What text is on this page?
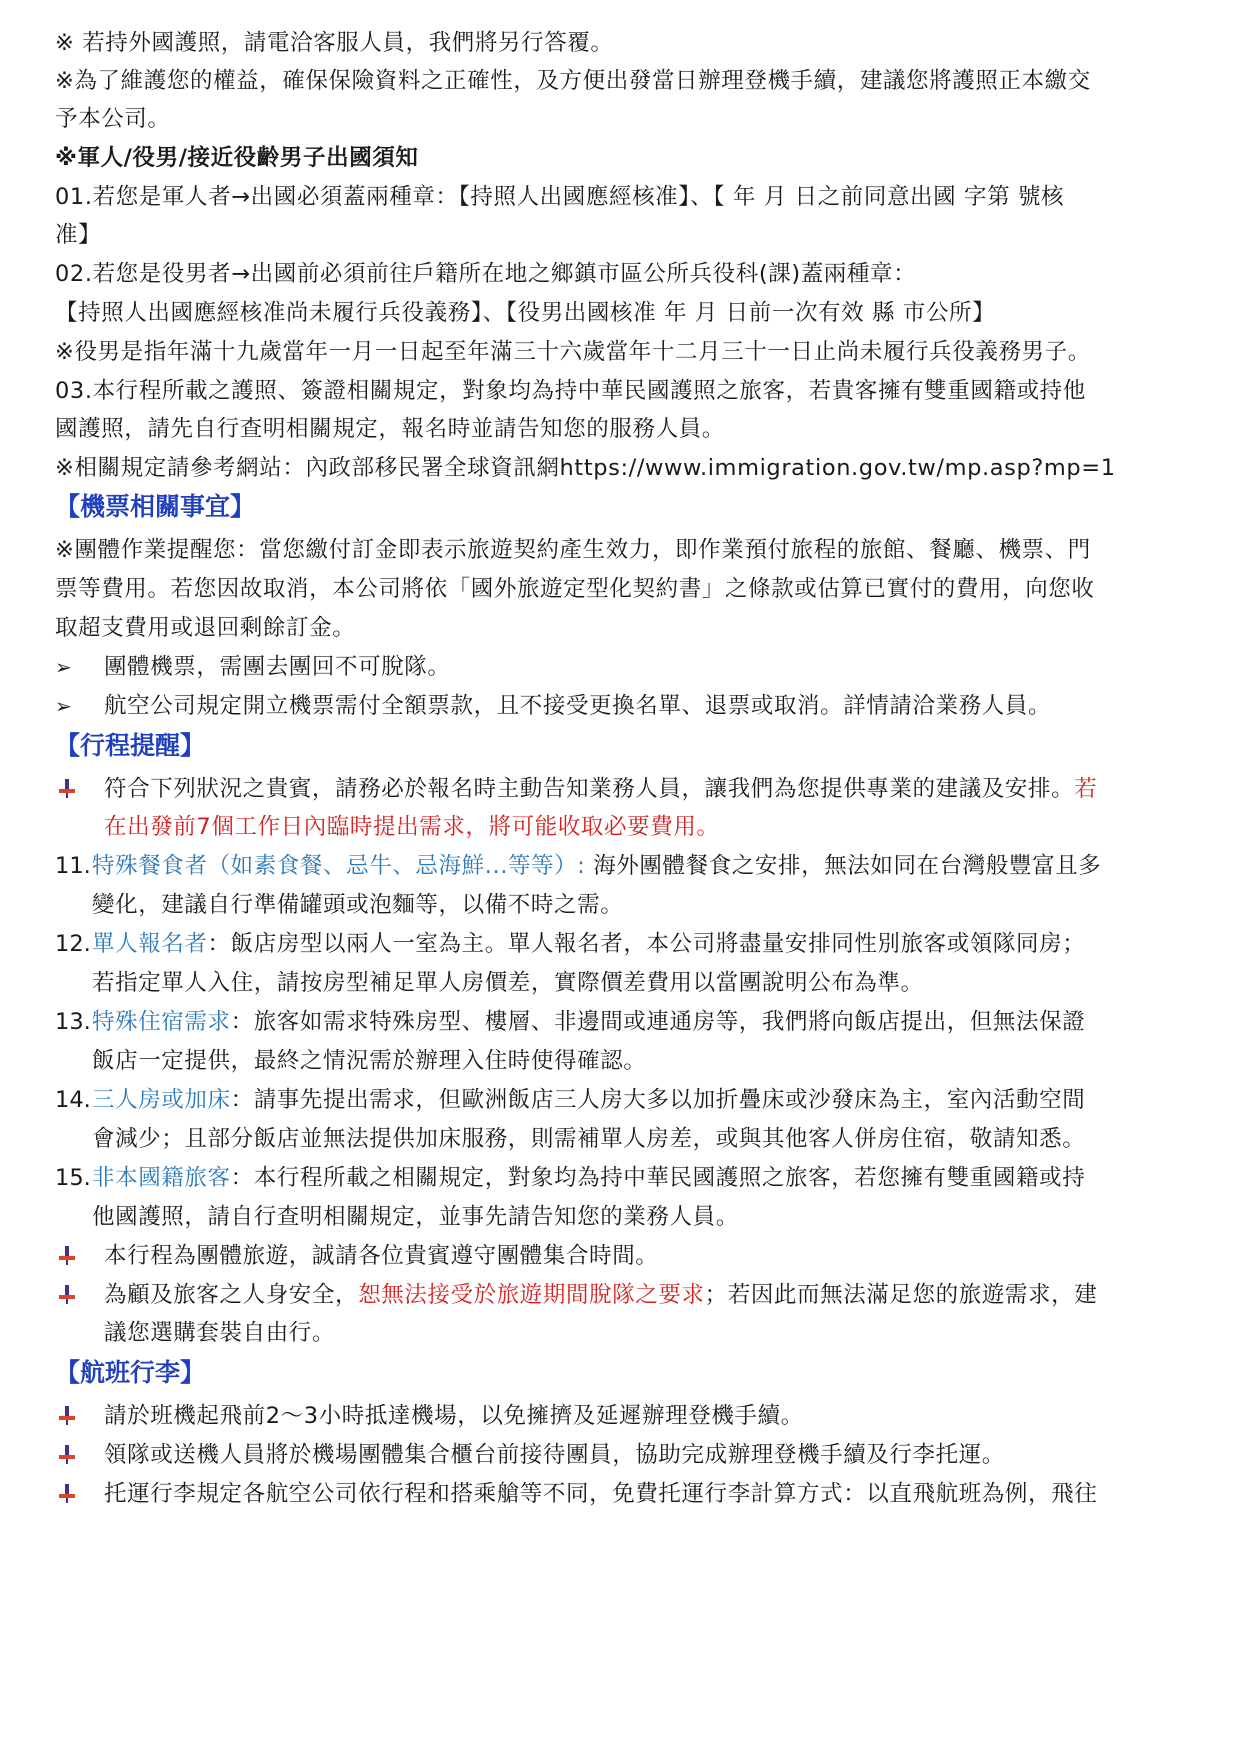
※ 若持外國護照，請電洽客服人員，我們將另行答覆。
※為了維護您的權益，確保保險資料之正確性，及方便出發當日辦理登機手續，建議您將護照正本繳交
予本公司。
※軍人/役男/接近役齡男子出國須知
01.若您是軍人者→出國必須蓋兩種章：【持照人出國應經核准】、【 年 月 日之前同意出國 字第 號核
准】
02.若您是役男者→出國前必須前往戶籍所在地之鄉鎮市區公所兵役科(課)蓋兩種章：
【持照人出國應經核准尚未履行兵役義務】、【役男出國核准 年 月 日前一次有效 縣 市公所】
※役男是指年滿十九歲當年一月一日起至年滿三十六歲當年十二月三十一日止尚未履行兵役義務男子。
03.本行程所載之護照、簽證相關規定，對象均為持中華民國護照之旅客，若貴客擁有雙重國籍或持他
國護照，請先自行查明相關規定，報名時並請告知您的服務人員。
※相關規定請參考網站：內政部移民署全球資訊網https://www.immigration.gov.tw/mp.asp?mp=1
【機票相關事宜】
※團體作業提醒您：當您繳付訂金即表示旅遊契約產生效力，即作業預付旅程的旅館、餐廳、機票、門
票等費用。若您因故取消，本公司將依「國外旅遊定型化契約書」之條款或估算已實付的費用，向您收
取超支費用或退回剩餘訂金。
➢	團體機票，需團去團回不可脫隊。
➢	航空公司規定開立機票需付全額票款，且不接受更換名單、退票或取消。詳情請洽業務人員。
【行程提醒】
符合下列狀況之貴賓，請務必於報名時主動告知業務人員，讓我們為您提供專業的建議及安排。若
在出發前7個工作日內臨時提出需求，將可能收取必要費用。
11. 特殊餐食者（如素食餐、忌牛、忌海鮮...等等）: 海外團體餐食之安排，無法如同在台灣般豐富且多
變化，建議自行準備罐頭或泡麵等，以備不時之需。
12. 單人報名者：飯店房型以兩人一室為主。單人報名者，本公司將盡量安排同性別旅客或領隊同房；
若指定單人入住，請按房型補足單人房價差，實際價差費用以當團說明公布為準。
13. 特殊住宿需求：旅客如需求特殊房型、樓層、非邊間或連通房等，我們將向飯店提出，但無法保證
飯店一定提供，最終之情況需於辦理入住時使得確認。
14. 三人房或加床：請事先提出需求，但歐洲飯店三人房大多以加折疊床或沙發床為主，室內活動空間
會減少；且部分飯店並無法提供加床服務，則需補單人房差，或與其他客人併房住宿，敬請知悉。
15. 非本國籍旅客：本行程所載之相關規定，對象均為持中華民國護照之旅客，若您擁有雙重國籍或持
他國護照，請自行查明相關規定，並事先請告知您的業務人員。
本行程為團體旅遊，誠請各位貴賓遵守團體集合時間。
為顧及旅客之人身安全，恕無法接受於旅遊期間脫隊之要求；若因此而無法滿足您的旅遊需求，建
議您選購套裝自由行。
【航班行李】
請於班機起飛前2～3小時抵達機場，以免擁擠及延遲辦理登機手續。
領隊或送機人員將於機場團體集合櫃台前接待團員，協助完成辦理登機手續及行李托運。
托運行李規定各航空公司依行程和搭乘艙等不同，免費托運行李計算方式：以直飛航班為例，飛往
